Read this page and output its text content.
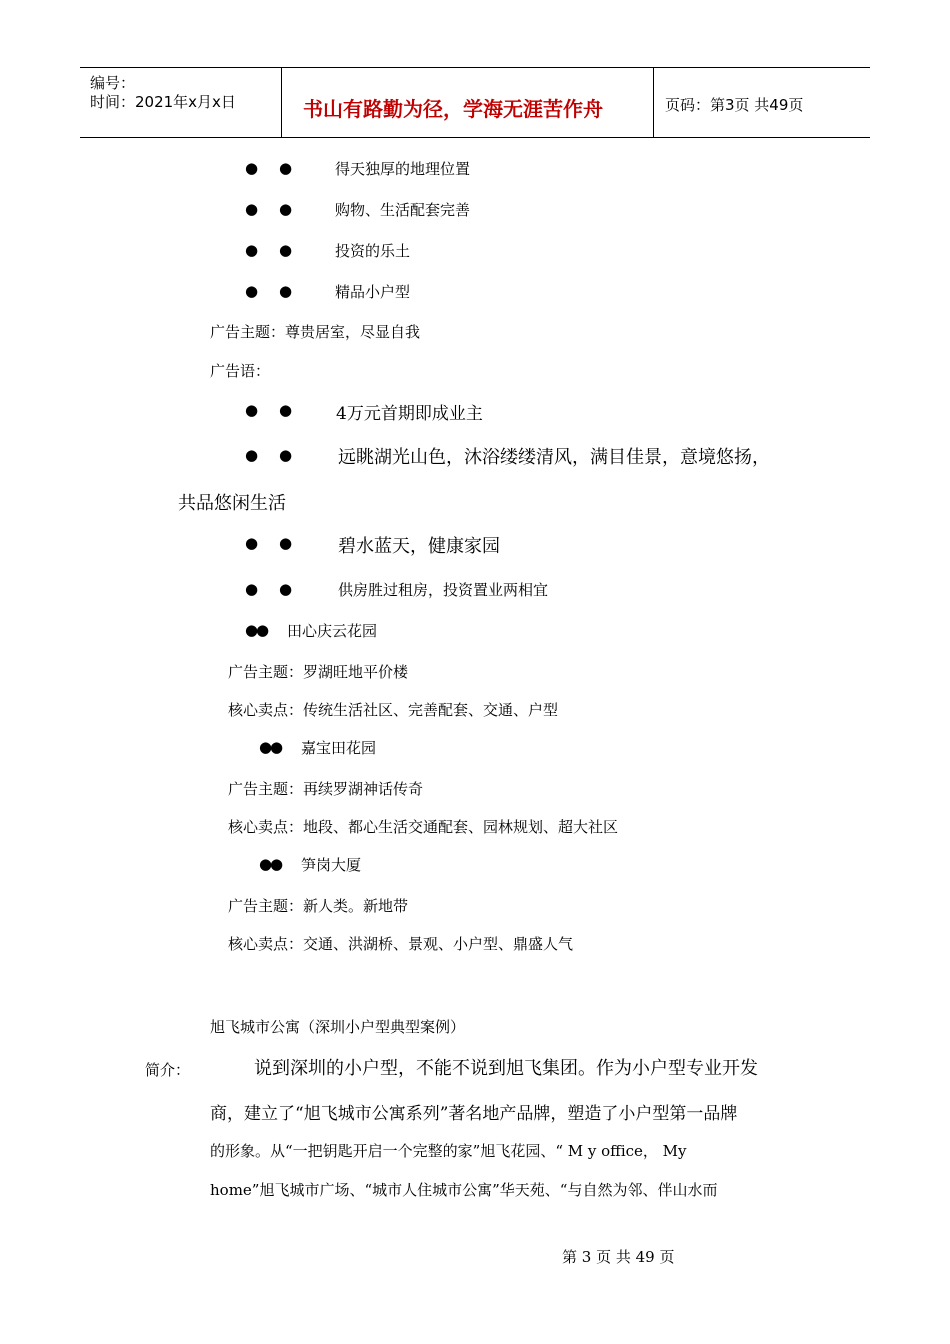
编号：
时间：2021年x月x日	书山有路勤为径，学海无涯苦作舟	页码：第3页 共49页
● ●	得天独厚的地理位置
● ●	购物、生活配套完善
● ●	投资的乐土
● ●	精品小户型
广告主题：尊贵居室，尽显自我
广告语：
● ●	4万元首期即成业主
● ●	远眺湖光山色，沐浴缕缕清风，满目佳景，意境悠扬，
共品悠闲生活
● ●	碧水蓝天，健康家园
● ●	供房胜过租房，投资置业两相宜
● ● 田心庆云花园
广告主题：罗湖旺地平价楼
核心卖点：传统生活社区、完善配套、交通、户型
●
● 嘉宝田花园
广告主题：再续罗湖神话传奇
核心卖点：地段、都心生活交通配套、园林规划、超大社区
●
● 笋岗大厦
广告主题：新人类。新地带
核心卖点：交通、洪湖桥、景观、小户型、鼎盛人气
旭飞城市公寓（深圳小户型典型案例）
简介：	说到深圳的小户型，不能不说到旭飞集团。作为小户型专业开发
商，建立了“旭飞城市公寓系列”著名地产品牌，塑造了小户型第一品牌
的形象。从“一把钥匙开启一个完整的家”旭飞花园、“ M y office， My
home”旭飞城市广场、“城市人住城市公寓”华天苑、“与自然为邻、伴山水而
第 3 页 共 49 页
